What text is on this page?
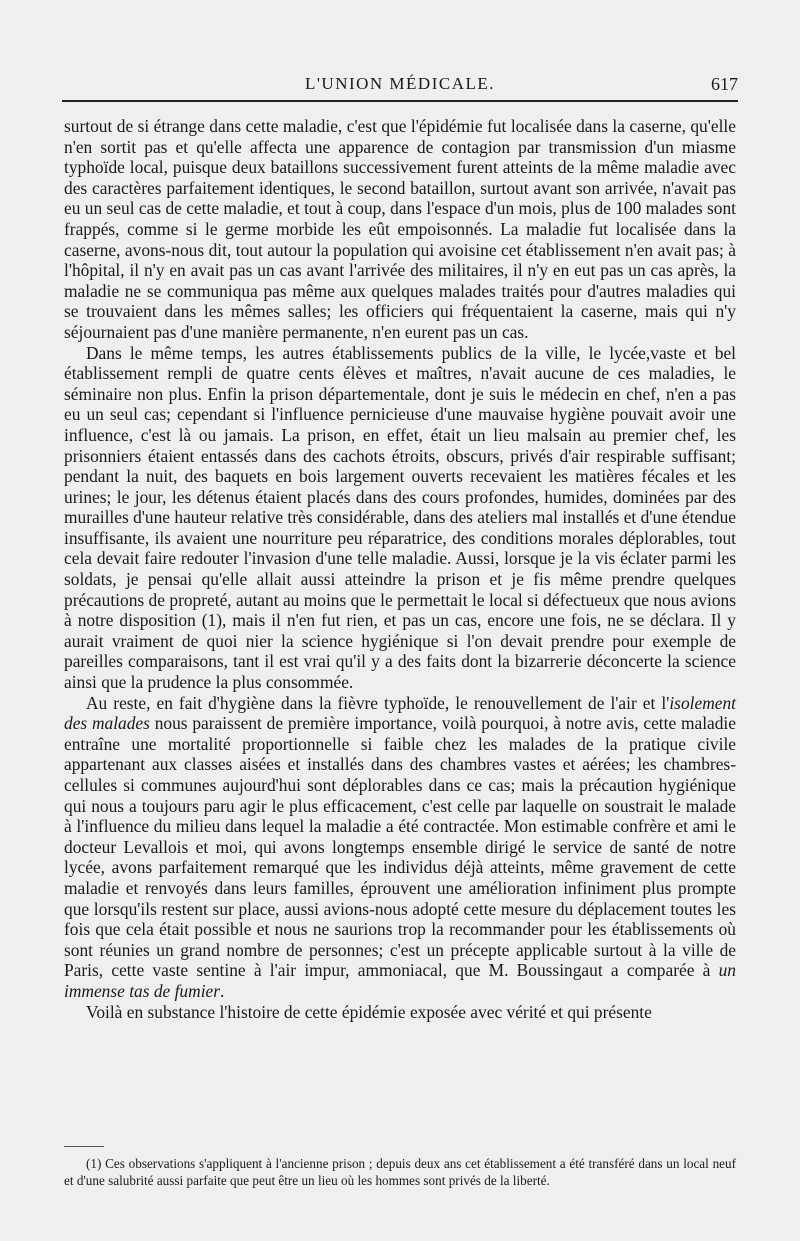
L'UNION MÉDICALE.	617

surtout de si étrange dans cette maladie, c'est que l'épidémie fut localisée dans la caserne, qu'elle n'en sortit pas et qu'elle affecta une apparence de contagion par transmission d'un miasme typhoïde local, puisque deux bataillons successivement furent atteints de la même maladie avec des caractères parfaitement identiques, le second bataillon, surtout avant son arrivée, n'avait pas eu un seul cas de cette maladie, et tout à coup, dans l'espace d'un mois, plus de 100 malades sont frappés, comme si le germe morbide les eût empoisonnés. La maladie fut localisée dans la caserne, avons-nous dit, tout autour la population qui avoisine cet établissement n'en avait pas; à l'hôpital, il n'y en avait pas un cas avant l'arrivée des militaires, il n'y en eut pas un cas après, la maladie ne se communiqua pas même aux quelques malades traités pour d'autres maladies qui se trouvaient dans les mêmes salles; les officiers qui fréquentaient la caserne, mais qui n'y séjournaient pas d'une manière permanente, n'en eurent pas un cas.

Dans le même temps, les autres établissements publics de la ville, le lycée,vaste et bel établissement rempli de quatre cents élèves et maîtres, n'avait aucune de ces maladies, le séminaire non plus. Enfin la prison départementale, dont je suis le médecin en chef, n'en a pas eu un seul cas; cependant si l'influence pernicieuse d'une mauvaise hygiène pouvait avoir une influence, c'est là ou jamais. La prison, en effet, était un lieu malsain au premier chef, les prisonniers étaient entassés dans des cachots étroits, obscurs, privés d'air respirable suffisant; pendant la nuit, des baquets en bois largement ouverts recevaient les matières fécales et les urines; le jour, les détenus étaient placés dans des cours profondes, humides, dominées par des murailles d'une hauteur relative très considérable, dans des ateliers mal installés et d'une étendue insuffisante, ils avaient une nourriture peu réparatrice, des conditions morales déplorables, tout cela devait faire redouter l'invasion d'une telle maladie. Aussi, lorsque je la vis éclater parmi les soldats, je pensai qu'elle allait aussi atteindre la prison et je fis même prendre quelques précautions de propreté, autant au moins que le permettait le local si défectueux que nous avions à notre disposition (1), mais il n'en fut rien, et pas un cas, encore une fois, ne se déclara. Il y aurait vraiment de quoi nier la science hygiénique si l'on devait prendre pour exemple de pareilles comparaisons, tant il est vrai qu'il y a des faits dont la bizarrerie déconcerte la science ainsi que la prudence la plus consommée.

Au reste, en fait d'hygiène dans la fièvre typhoïde, le renouvellement de l'air et l'isolement des malades nous paraissent de première importance, voilà pourquoi, à notre avis, cette maladie entraîne une mortalité proportionnelle si faible chez les malades de la pratique civile appartenant aux classes aisées et installés dans des chambres vastes et aérées; les chambres-cellules si communes aujourd'hui sont déplorables dans ce cas; mais la précaution hygiénique qui nous a toujours paru agir le plus efficacement, c'est celle par laquelle on soustrait le malade à l'influence du milieu dans lequel la maladie a été contractée. Mon estimable confrère et ami le docteur Levallois et moi, qui avons longtemps ensemble dirigé le service de santé de notre lycée, avons parfaitement remarqué que les individus déjà atteints, même gravement de cette maladie et renvoyés dans leurs familles, éprouvent une amélioration infiniment plus prompte que lorsqu'ils restent sur place, aussi avions-nous adopté cette mesure du déplacement toutes les fois que cela était possible et nous ne saurions trop la recommander pour les établissements où sont réunies un grand nombre de personnes; c'est un précepte applicable surtout à la ville de Paris, cette vaste sentine à l'air impur, ammoniacal, que M. Boussingaut a comparée à un immense tas de fumier.

Voilà en substance l'histoire de cette épidémie exposée avec vérité et qui présente

(1) Ces observations s'appliquent à l'ancienne prison ; depuis deux ans cet établissement a été transféré dans un local neuf et d'une salubrité aussi parfaite que peut être un lieu où les hommes sont privés de la liberté.
